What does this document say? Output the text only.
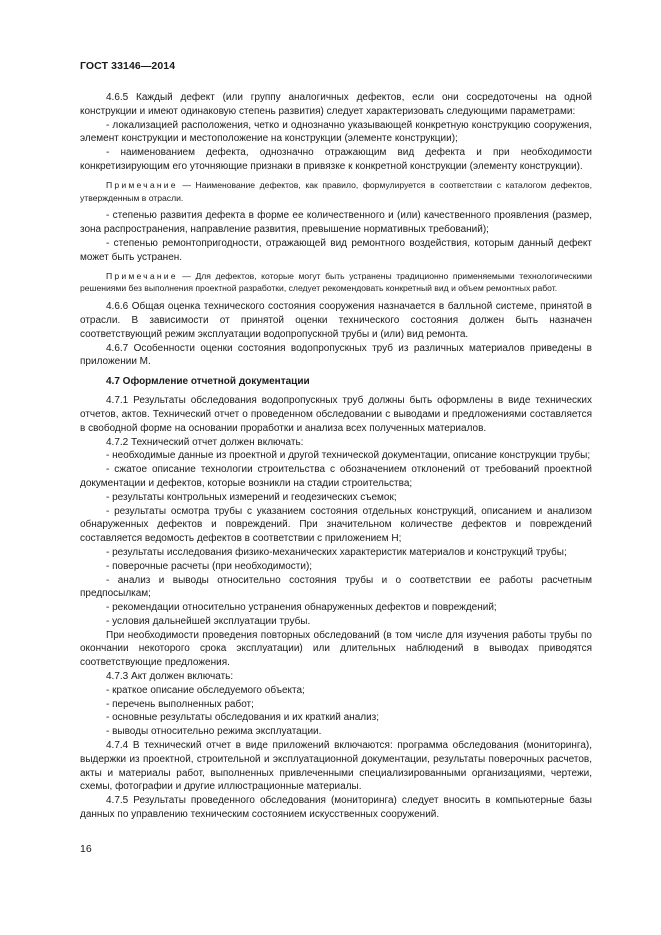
ГОСТ 33146—2014

4.6.5 Каждый дефект (или группу аналогичных дефектов, если они сосредоточены на одной конструкции и имеют одинаковую степень развития) следует характеризовать следующими параметрами:

- локализацией расположения, четко и однозначно указывающей конкретную конструкцию сооружения, элемент конструкции и местоположение на конструкции (элементе конструкции);

- наименованием дефекта, однозначно отражающим вид дефекта и при необходимости конкретизирующим его уточняющие признаки в привязке к конкретной конструкции (элементу конструкции).

Примечание — Наименование дефектов, как правило, формулируется в соответствии с каталогом дефектов, утвержденным в отрасли.

- степенью развития дефекта в форме ее количественного и (или) качественного проявления (размер, зона распространения, направление развития, превышение нормативных требований);

- степенью ремонтопригодности, отражающей вид ремонтного воздействия, которым данный дефект может быть устранен.

Примечание — Для дефектов, которые могут быть устранены традиционно применяемыми технологическими решениями без выполнения проектной разработки, следует рекомендовать конкретный вид и объем ремонтных работ.

4.6.6 Общая оценка технического состояния сооружения назначается в балльной системе, принятой в отрасли. В зависимости от принятой оценки технического состояния должен быть назначен соответствующий режим эксплуатации водопропускной трубы и (или) вид ремонта.

4.6.7 Особенности оценки состояния водопропускных труб из различных материалов приведены в приложении М.

4.7 Оформление отчетной документации

4.7.1 Результаты обследования водопропускных труб должны быть оформлены в виде технических отчетов, актов. Технический отчет о проведенном обследовании с выводами и предложениями составляется в свободной форме на основании проработки и анализа всех полученных материалов.

4.7.2 Технический отчет должен включать:

- необходимые данные из проектной и другой технической документации, описание конструкции трубы;

- сжатое описание технологии строительства с обозначением отклонений от требований проектной документации и дефектов, которые возникли на стадии строительства;

- результаты контрольных измерений и геодезических съемок;

- результаты осмотра трубы с указанием состояния отдельных конструкций, описанием и анализом обнаруженных дефектов и повреждений. При значительном количестве дефектов и повреждений составляется ведомость дефектов в соответствии с приложением Н;

- результаты исследования физико-механических характеристик материалов и конструкций трубы;

- поверочные расчеты (при необходимости);

- анализ и выводы относительно состояния трубы и о соответствии ее работы расчетным предпосылкам;

- рекомендации относительно устранения обнаруженных дефектов и повреждений;

- условия дальнейшей эксплуатации трубы.

При необходимости проведения повторных обследований (в том числе для изучения работы трубы по окончании некоторого срока эксплуатации) или длительных наблюдений в выводах приводятся соответствующие предложения.

4.7.3 Акт должен включать:

- краткое описание обследуемого объекта;

- перечень выполненных работ;

- основные результаты обследования и их краткий анализ;

- выводы относительно режима эксплуатации.

4.7.4 В технический отчет в виде приложений включаются: программа обследования (мониторинга), выдержки из проектной, строительной и эксплуатационной документации, результаты поверочных расчетов, акты и материалы работ, выполненных привлеченными специализированными организациями, чертежи, схемы, фотографии и другие иллюстрационные материалы.

4.7.5 Результаты проведенного обследования (мониторинга) следует вносить в компьютерные базы данных по управлению техническим состоянием искусственных сооружений.

16
